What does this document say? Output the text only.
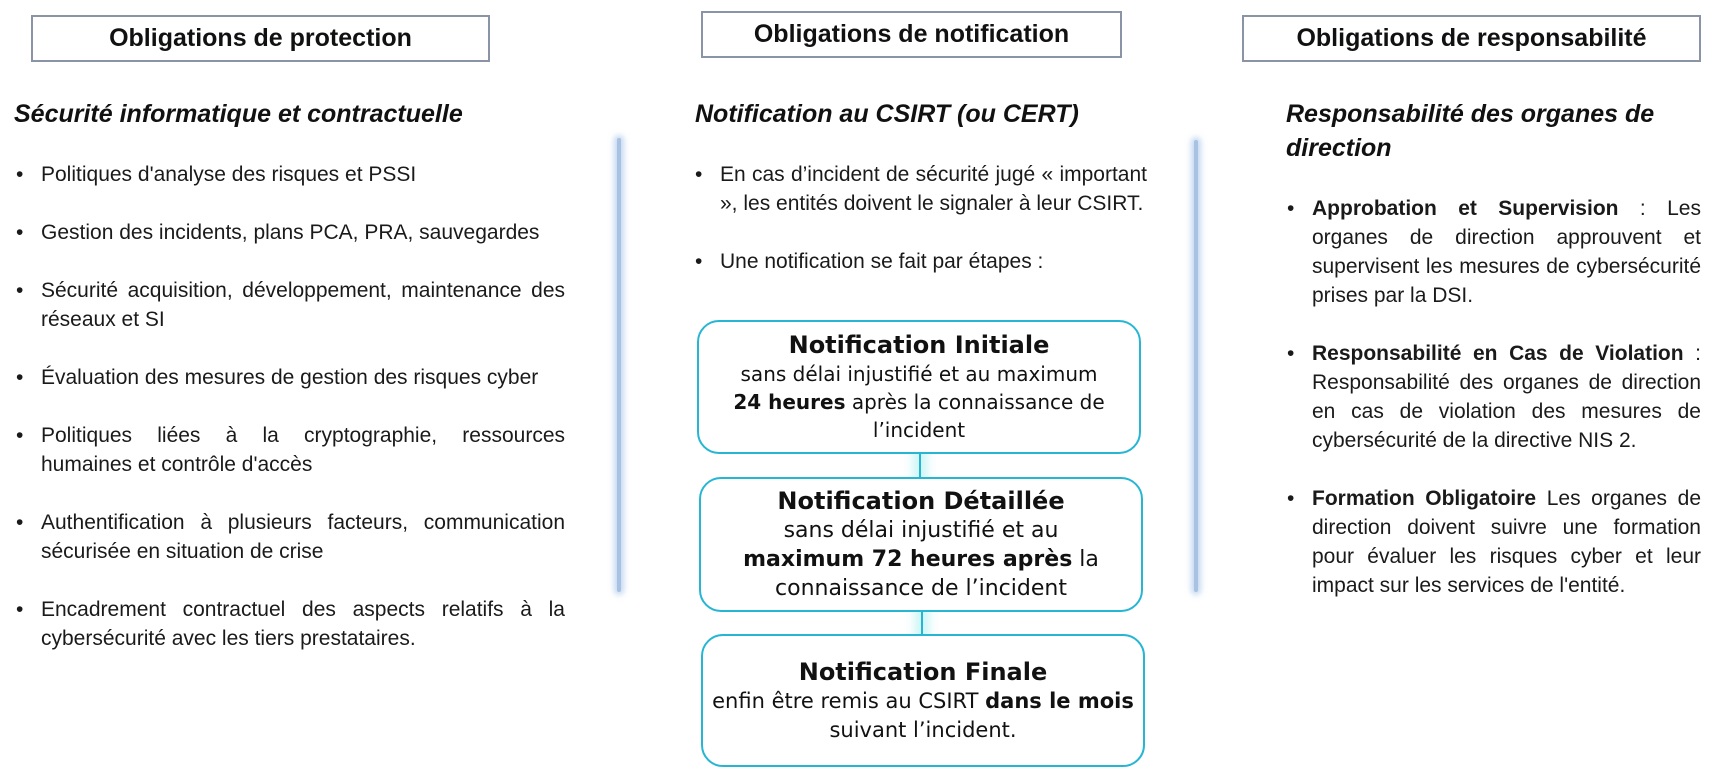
Obligations de protection
Sécurité informatique et contractuelle
• Politiques d'analyse des risques et PSSI
• Gestion des incidents, plans PCA, PRA, sauvegardes
• Sécurité acquisition, développement, maintenance des réseaux et SI
• Évaluation des mesures de gestion des risques cyber
• Politiques liées à la cryptographie, ressources humaines et contrôle d'accès
• Authentification à plusieurs facteurs, communication sécurisée en situation de crise
• Encadrement contractuel des aspects relatifs à la cybersécurité avec les tiers prestataires.
Obligations de notification
Notification au CSIRT (ou CERT)
• En cas d’incident de sécurité jugé « important », les entités doivent le signaler à leur CSIRT.
• Une notification se fait par étapes :
Notification Initiale
sans délai injustifié et au maximum
24 heures après la connaissance de l’incident
Notification Détaillée
sans délai injustifié et au
maximum 72 heures après la connaissance de l’incident
Notification Finale
enfin être remis au CSIRT dans le mois suivant l’incident.
Obligations de responsabilité
Responsabilité des organes de direction
• Approbation et Supervision : Les organes de direction approuvent et supervisent les mesures de cybersécurité prises par la DSI.
• Responsabilité en Cas de Violation : Responsabilité des organes de direction en cas de violation des mesures de cybersécurité de la directive NIS 2.
• Formation Obligatoire Les organes de direction doivent suivre une formation pour évaluer les risques cyber et leur impact sur les services de l'entité.
